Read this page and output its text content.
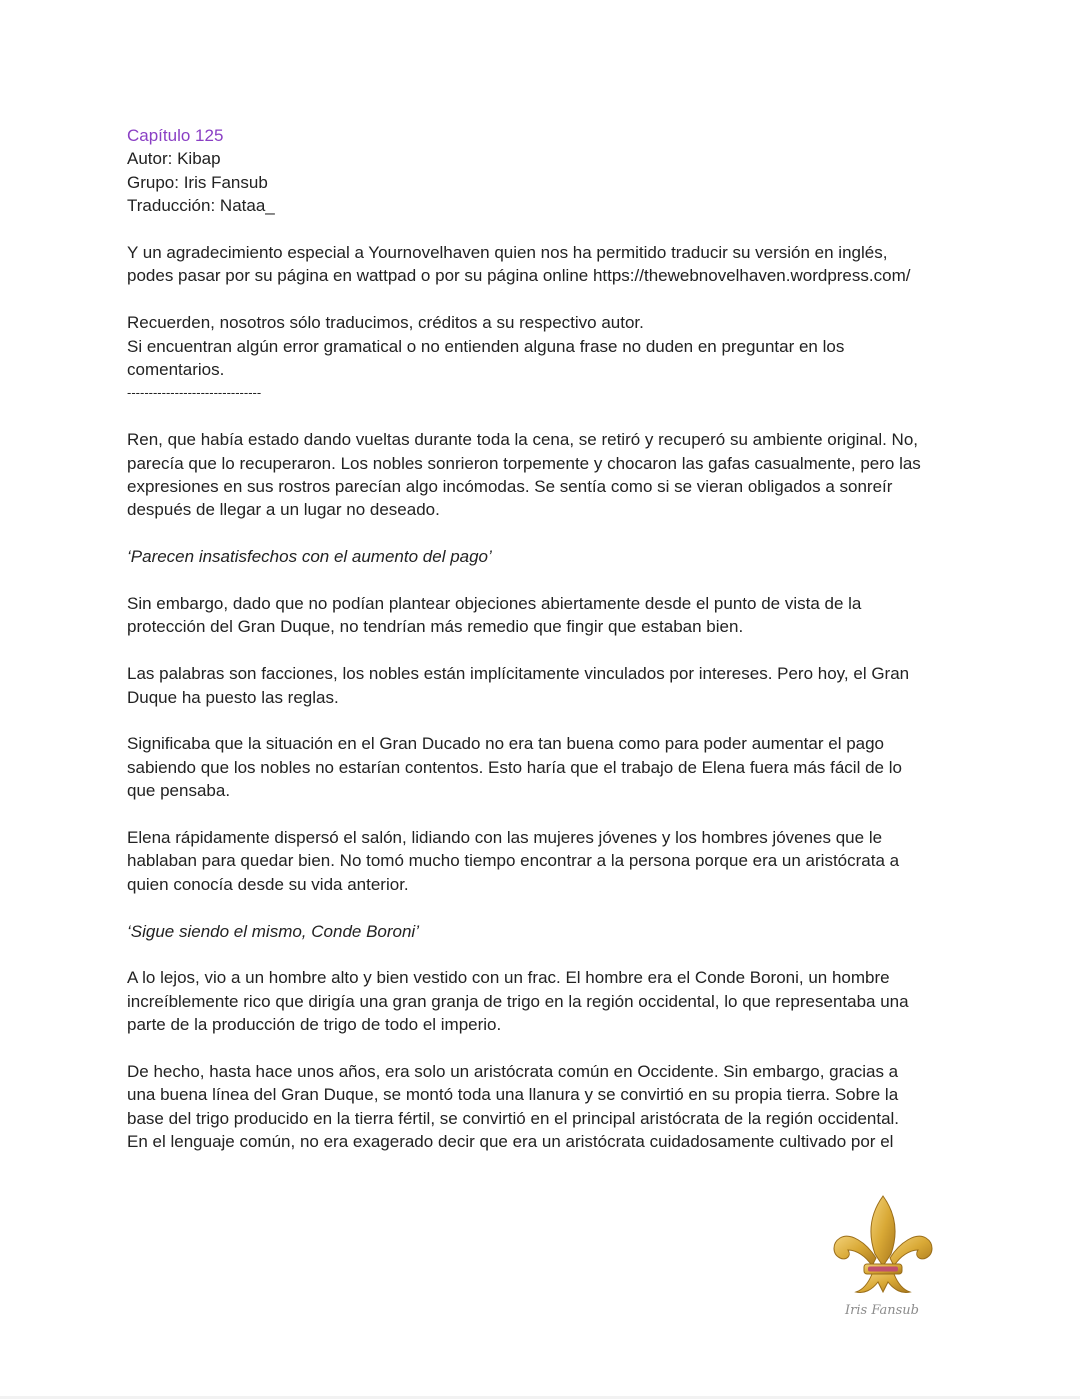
Capítulo 125
Autor: Kibap
Grupo: Iris Fansub
Traducción: Nataa_

Y un agradecimiento especial a Yournovelhaven quien nos ha permitido traducir su versión en inglés,
podes pasar por su página en wattpad o por su página online https://thewebnovelhaven.wordpress.com/

Recuerden, nosotros sólo traducimos, créditos a su respectivo autor.
Si encuentran algún error gramatical o no entienden alguna frase no duden en preguntar en los
comentarios.
-------------------------------

Ren, que había estado dando vueltas durante toda la cena, se retiró y recuperó su ambiente original. No,
parecía que lo recuperaron. Los nobles sonrieron torpemente y chocaron las gafas casualmente, pero las
expresiones en sus rostros parecían algo incómodas. Se sentía como si se vieran obligados a sonreír
después de llegar a un lugar no deseado.

‘Parecen insatisfechos con el aumento del pago’

Sin embargo, dado que no podían plantear objeciones abiertamente desde el punto de vista de la
protección del Gran Duque, no tendrían más remedio que fingir que estaban bien.

Las palabras son facciones, los nobles están implícitamente vinculados por intereses. Pero hoy, el Gran
Duque ha puesto las reglas.

Significaba que la situación en el Gran Ducado no era tan buena como para poder aumentar el pago
sabiendo que los nobles no estarían contentos. Esto haría que el trabajo de Elena fuera más fácil de lo
que pensaba.

Elena rápidamente dispersó el salón, lidiando con las mujeres jóvenes y los hombres jóvenes que le
hablaban para quedar bien. No tomó mucho tiempo encontrar a la persona porque era un aristócrata a
quien conocía desde su vida anterior.

‘Sigue siendo el mismo, Conde Boroni’

A lo lejos, vio a un hombre alto y bien vestido con un frac. El hombre era el Conde Boroni, un hombre
increíblemente rico que dirigía una gran granja de trigo en la región occidental, lo que representaba una
parte de la producción de trigo de todo el imperio.

De hecho, hasta hace unos años, era solo un aristócrata común en Occidente. Sin embargo, gracias a
una buena línea del Gran Duque, se montó toda una llanura y se convirtió en su propia tierra. Sobre la
base del trigo producido en la tierra fértil, se convirtió en el principal aristócrata de la región occidental.
En el lenguaje común, no era exagerado decir que era un aristócrata cuidadosamente cultivado por el

Iris Fansub
